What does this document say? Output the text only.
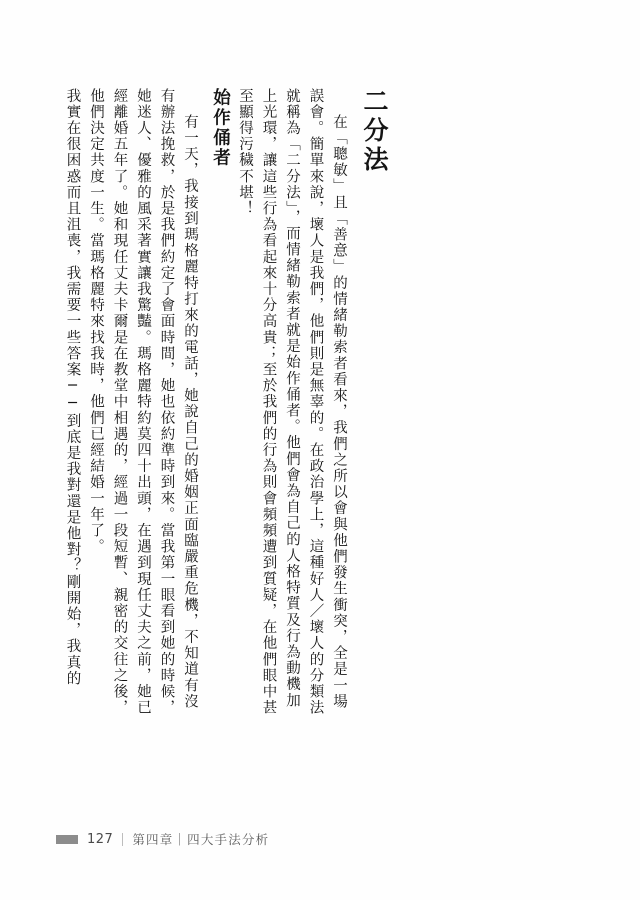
我實在很困惑而且沮喪，我需要一些答案──到底是我對還是他對？剛開始，我真的 他們決定共度一生。當瑪格麗特來找我時，他們已經結婚一年了。 經離婚五年了。她和現任丈夫卡爾是在教堂中相遇的，經過一段短暫、親密的交往之後， 她迷人、優雅的風采著實讓我驚豔。瑪格麗特約莫四十出頭，在遇到現任丈夫之前，她已 有辦法挽救，於是我們約定了會面時間，她也依約準時到來。當我第一眼看到她的時候， 有一天，我接到瑪格麗特打來的電話，她說自己的婚姻正面臨嚴重危機，不知道有沒 始作俑者 至顯得污穢不堪！ 上光環，讓這些行為看起來十分高貴；至於我們的行為則會頻頻遭到質疑，在他們眼中甚 就稱為「二分法」，而情緒勒索者就是始作俑者。他們會為自己的人格特質及行為動機加 誤會。簡單來說，壞人是我們，他們則是無辜的。在政治學上，這種好人／壞人的分類法 在「聰敏」且「善意」的情緒勒索者看來，我們之所以會與他們發生衝突，全是一場 二分法
127 第四章｜四大手法分析
